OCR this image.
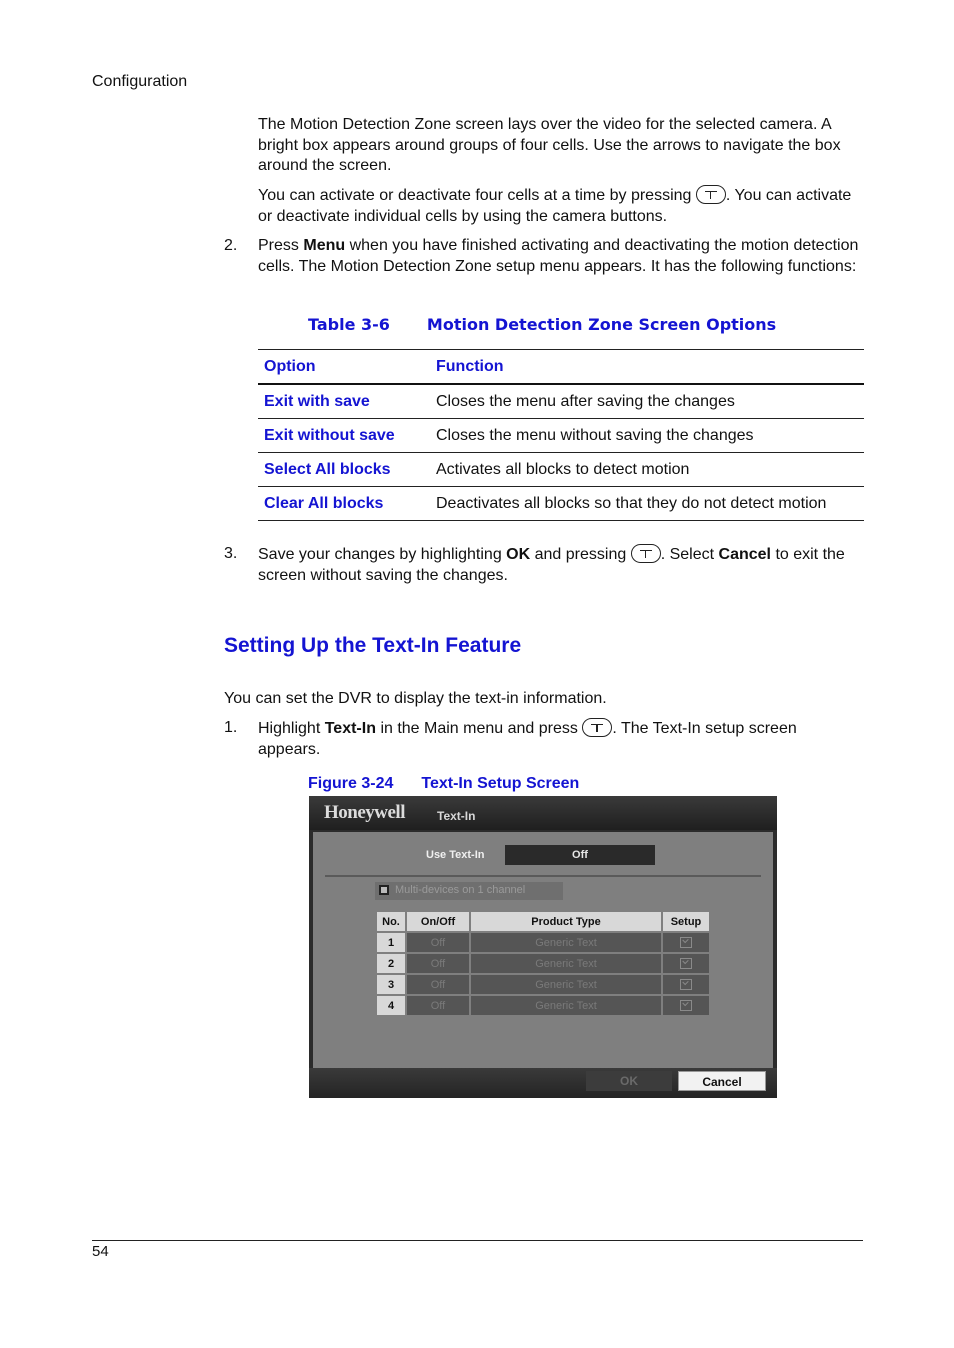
Configuration

The Motion Detection Zone screen lays over the video for the selected camera. A bright box appears around groups of four cells. Use the arrows to navigate the box around the screen.

You can activate or deactivate four cells at a time by pressing . You can activate or deactivate individual cells by using the camera buttons.

2. Press Menu when you have finished activating and deactivating the motion detection cells. The Motion Detection Zone setup menu appears. It has the following functions:

Table 3-6 Motion Detection Zone Screen Options
Option	Function
Exit with save	Closes the menu after saving the changes
Exit without save	Closes the menu without saving the changes
Select All blocks	Activates all blocks to detect motion
Clear All blocks	Deactivates all blocks so that they do not detect motion
3. Save your changes by highlighting OK and pressing . Select Cancel to exit the screen without saving the changes.

Setting Up the Text-In Feature

You can set the DVR to display the text-in information.

1. Highlight Text-In in the Main menu and press . The Text-In setup screen appears.

Figure 3-24 Text-In Setup Screen
Honeywell	Text-In
Use Text-In	Off
Multi-devices on 1 channel
No.	On/Off	Product Type	Setup
1	Off	Generic Text	
2	Off	Generic Text	
3	Off	Generic Text	
4	Off	Generic Text	
OK	Cancel
54
